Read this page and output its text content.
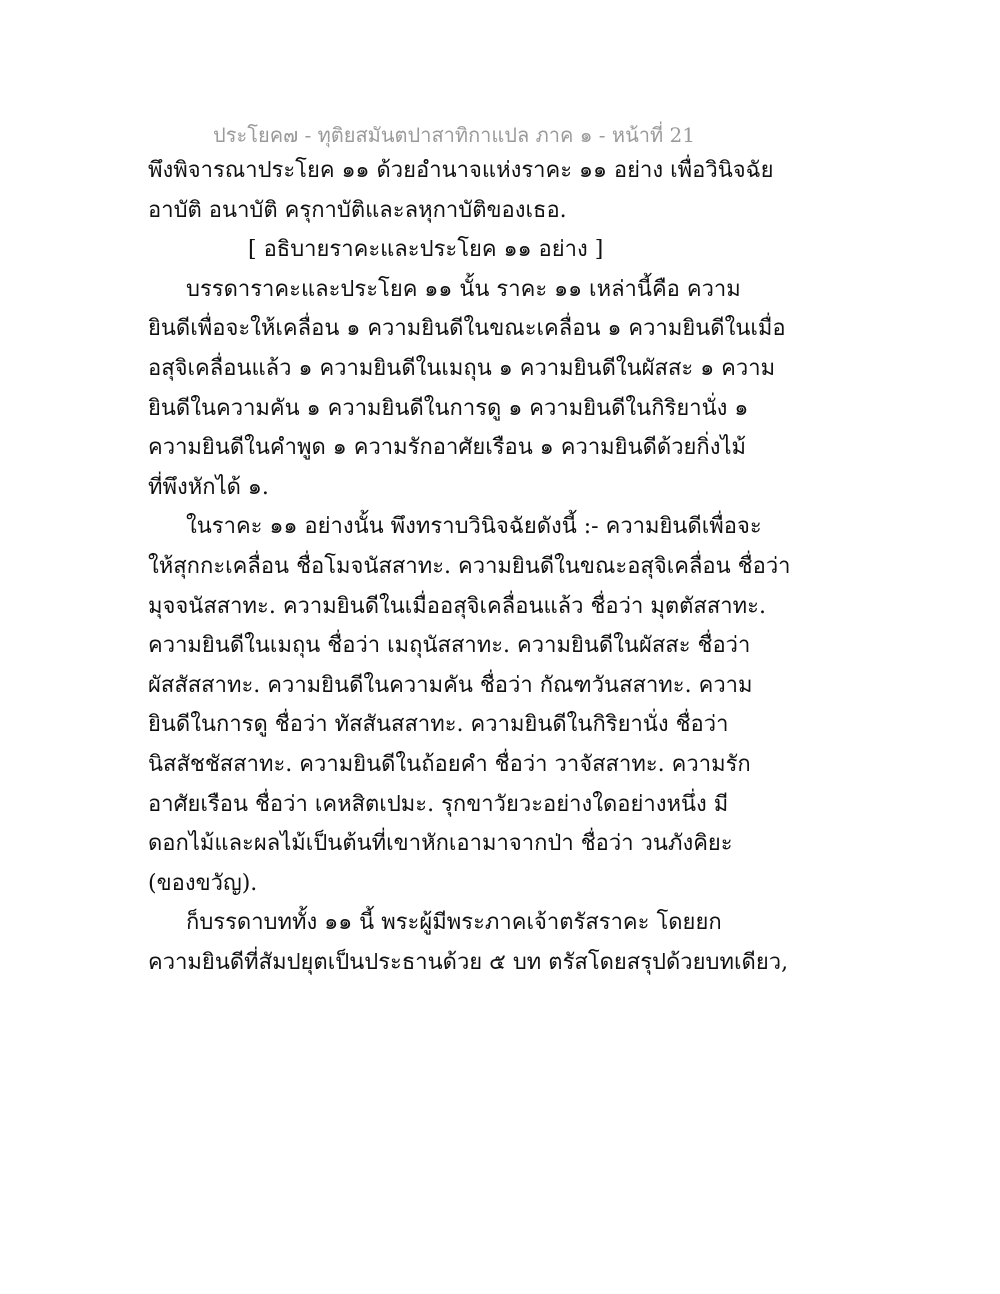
ประโยค๗ - ทุติยสมันตปาสาทิกาแปล ภาค ๑ - หน้าที่ 21
พึงพิจารณาประโยค ๑๑ ด้วยอำนาจแห่งราคะ ๑๑ อย่าง เพื่อวินิจฉัย
อาบัติ อนาบัติ ครุกาบัติและลหุกาบัติของเธอ.
[ อธิบายราคะและประโยค ๑๑ อย่าง ]
บรรดาราคะและประโยค ๑๑ นั้น ราคะ ๑๑ เหล่านี้คือ ความ
ยินดีเพื่อจะให้เคลื่อน ๑ ความยินดีในขณะเคลื่อน ๑ ความยินดีในเมื่อ
อสุจิเคลื่อนแล้ว ๑ ความยินดีในเมถุน ๑ ความยินดีในผัสสะ ๑ ความ
ยินดีในความคัน ๑ ความยินดีในการดู ๑ ความยินดีในกิริยานั่ง ๑
ความยินดีในคำพูด ๑ ความรักอาศัยเรือน ๑ ความยินดีด้วยกิ่งไม้
ที่พึงหักได้ ๑.
ในราคะ ๑๑ อย่างนั้น พึงทราบวินิจฉัยดังนี้ :- ความยินดีเพื่อจะ
ให้สุกกะเคลื่อน ชื่อโมจนัสสาทะ. ความยินดีในขณะอสุจิเคลื่อน ชื่อว่า
มุจจนัสสาทะ. ความยินดีในเมื่ออสุจิเคลื่อนแล้ว ชื่อว่า มุตตัสสาทะ.
ความยินดีในเมถุน ชื่อว่า เมถุนัสสาทะ. ความยินดีในผัสสะ ชื่อว่า
ผัสสัสสาทะ. ความยินดีในความคัน ชื่อว่า กัณฑวันสสาทะ. ความ
ยินดีในการดู ชื่อว่า ทัสสันสสาทะ. ความยินดีในกิริยานั่ง ชื่อว่า
นิสสัชชัสสาทะ. ความยินดีในถ้อยคำ ชื่อว่า วาจัสสาทะ. ความรัก
อาศัยเรือน ชื่อว่า เคหสิตเปมะ. รุกขาวัยวะอย่างใดอย่างหนึ่ง มี
ดอกไม้และผลไม้เป็นต้นที่เขาหักเอามาจากป่า ชื่อว่า วนภังคิยะ
(ของขวัญ).
ก็บรรดาบททั้ง ๑๑ นี้ พระผู้มีพระภาคเจ้าตรัสราคะ โดยยก
ความยินดีที่สัมปยุตเป็นประธานด้วย ๕ บท ตรัสโดยสรุปด้วยบทเดียว,
